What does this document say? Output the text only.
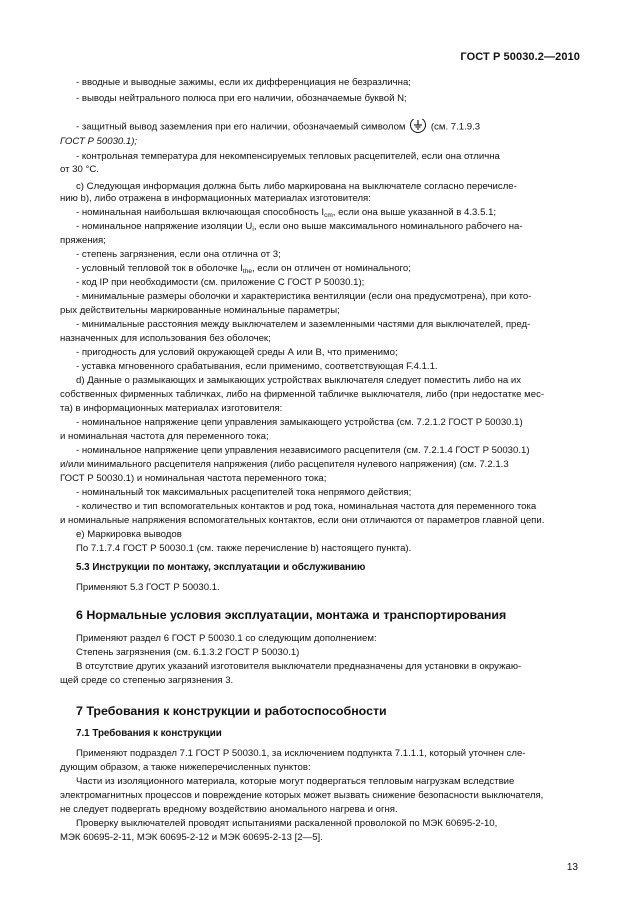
ГОСТ Р 50030.2—2010
- вводные и выводные зажимы, если их дифференциация не безразлична;
- выводы нейтрального полюса при его наличии, обозначаемые буквой N;
- защитный вывод заземления при его наличии, обозначаемый символом	(см. 7.1.9.3
ГОСТ Р 50030.1);
- контрольная температура для некомпенсируемых тепловых расцепителей, если она отлична
от 30 °С.
с) Следующая информация должна быть либо маркирована на выключателе согласно перечисле-
нию b), либо отражена в информационных материалах изготовителя:
- номинальная наибольшая включающая способность $I_{cm}$, если она выше указанной в 4.3.5.1;
- номинальное напряжение изоляции $U_i$, если оно выше максимального номинального рабочего на-
пряжения;
- степень загрязнения, если она отлична от 3;
- условный тепловой ток в оболочке $I_{the}$, если он отличен от номинального;
- код IP при необходимости (см. приложение С ГОСТ Р 50030.1);
- минимальные размеры оболочки и характеристика вентиляции (если она предусмотрена), при кото-
рых действительны маркированные номинальные параметры;
- минимальные расстояния между выключателем и заземленными частями для выключателей, пред-
назначенных для использования без оболочек;
- пригодность для условий окружающей среды А или В, что применимо;
- уставка мгновенного срабатывания, если применимо, соответствующая F.4.1.1.
d) Данные о размыкающих и замыкающих устройствах выключателя следует поместить либо на их
собственных фирменных табличках, либо на фирменной табличке выключателя, либо (при недостатке мес-
та) в информационных материалах изготовителя:
- номинальное напряжение цепи управления замыкающего устройства (см. 7.2.1.2 ГОСТ Р 50030.1)
и номинальная частота для переменного тока;
- номинальное напряжение цепи управления независимого расцепителя (см. 7.2.1.4 ГОСТ Р 50030.1)
и/или минимального расцепителя напряжения (либо расцепителя нулевого напряжения) (см. 7.2.1.3
ГОСТ Р 50030.1) и номинальная частота переменного тока;
- номинальный ток максимальных расцепителей тока непрямого действия;
- количество и тип вспомогательных контактов и род тока, номинальная частота для переменного тока
и номинальные напряжения вспомогательных контактов, если они отличаются от параметров главной цепи.
е) Маркировка выводов
По 7.1.7.4 ГОСТ Р 50030.1 (см. также перечисление b) настоящего пункта).
5.3 Инструкции по монтажу, эксплуатации и обслуживанию
Применяют 5.3 ГОСТ Р 50030.1.
6 Нормальные условия эксплуатации, монтажа и транспортирования
Применяют раздел 6 ГОСТ Р 50030.1 со следующим дополнением:
Степень загрязнения (см. 6.1.3.2 ГОСТ Р 50030.1)
В отсутствие других указаний изготовителя выключатели предназначены для установки в окружаю-
щей среде со степенью загрязнения 3.
7 Требования к конструкции и работоспособности
7.1 Требования к конструкции
Применяют подраздел 7.1 ГОСТ Р 50030.1, за исключением подпункта 7.1.1.1, который уточнен сле-
дующим образом, а также нижеперечисленных пунктов:
Части из изоляционного материала, которые могут подвергаться тепловым нагрузкам вследствие
электромагнитных процессов и повреждение которых может вызвать снижение безопасности выключателя,
не следует подвергать вредному воздействию аномального нагрева и огня.
Проверку выключателей проводят испытаниями раскаленной проволокой по МЭК 60695-2-10,
МЭК 60695-2-11, МЭК 60695-2-12 и МЭК 60695-2-13 [2—5].
13
